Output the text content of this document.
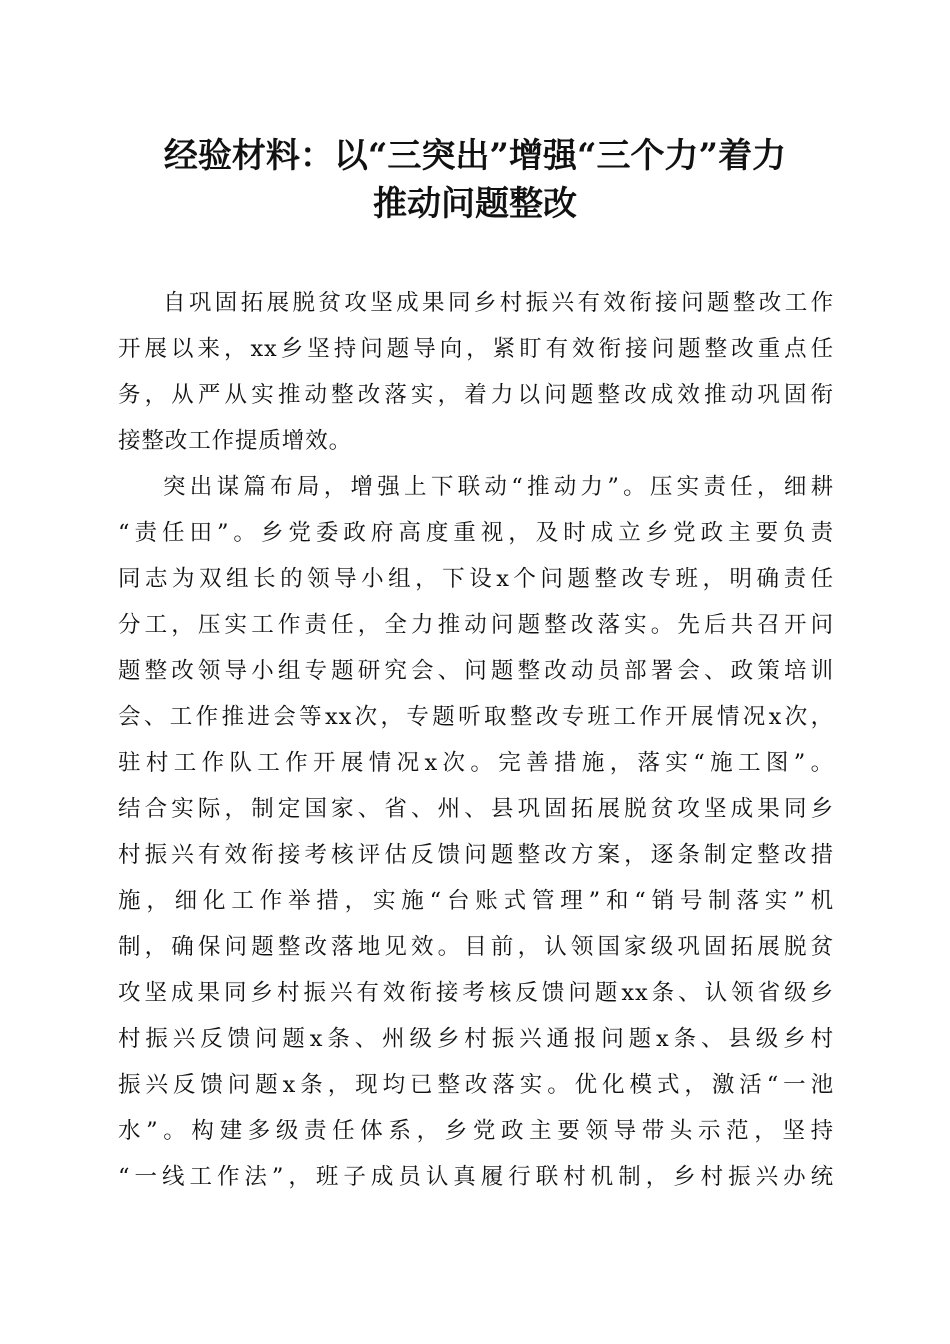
经验材料：以“三突出”增强“三个力”着力
推动问题整改
自巩固拓展脱贫攻坚成果同乡村振兴有效衔接问题整改工作
开展以来，xx乡坚持问题导向，紧盯有效衔接问题整改重点任
务，从严从实推动整改落实，着力以问题整改成效推动巩固衔
接整改工作提质增效。
突出谋篇布局，增强上下联动“推动力”。压实责任，细耕
“责任田”。乡党委政府高度重视，及时成立乡党政主要负责
同志为双组长的领导小组，下设x个问题整改专班，明确责任
分工，压实工作责任，全力推动问题整改落实。先后共召开问
题整改领导小组专题研究会、问题整改动员部署会、政策培训
会、工作推进会等xx次，专题听取整改专班工作开展情况x次，
驻村工作队工作开展情况x次。完善措施，落实“施工图”。
结合实际，制定国家、省、州、县巩固拓展脱贫攻坚成果同乡
村振兴有效衔接考核评估反馈问题整改方案，逐条制定整改措
施，细化工作举措，实施“台账式管理”和“销号制落实”机
制，确保问题整改落地见效。目前，认领国家级巩固拓展脱贫
攻坚成果同乡村振兴有效衔接考核反馈问题xx条、认领省级乡
村振兴反馈问题x条、州级乡村振兴通报问题x条、县级乡村
振兴反馈问题x条，现均已整改落实。优化模式，激活“一池
水”。构建多级责任体系，乡党政主要领导带头示范，坚持
“一线工作法”，班子成员认真履行联村机制，乡村振兴办统
